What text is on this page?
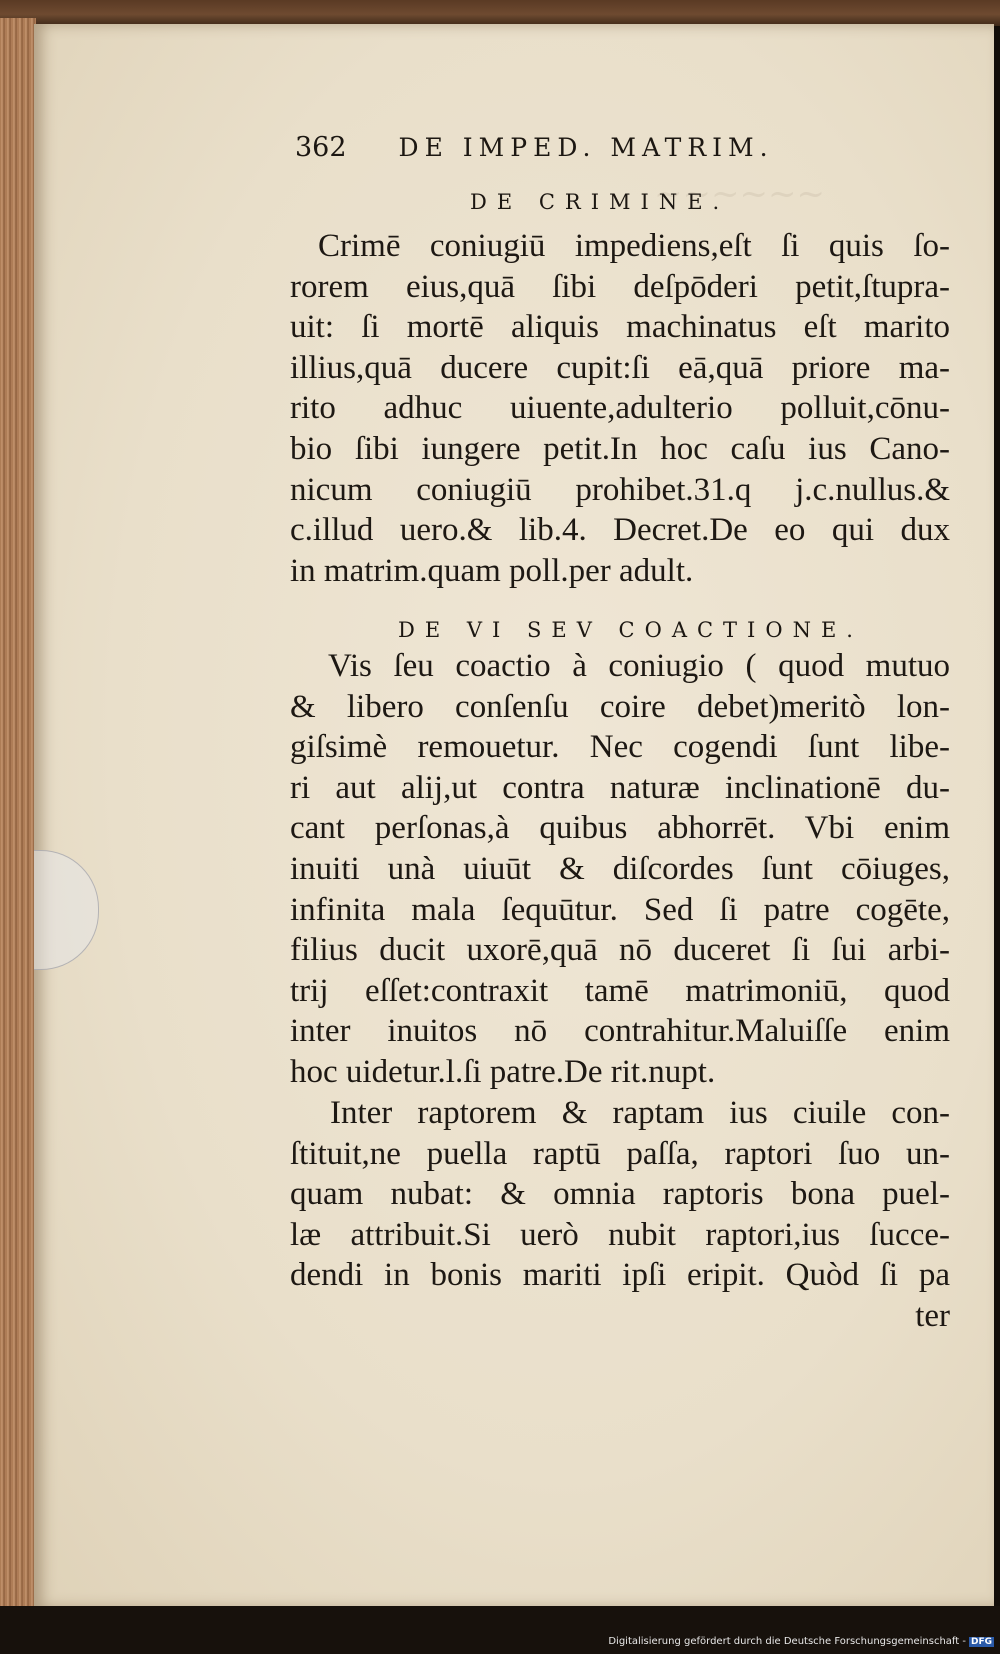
~~~~~~
362 DE IMPED. MATRIM.
DE CRIMINE.
Crimē coniugiū impediens,eſt ſi quis ſo-
rorem eius,quā ſibi deſpōderi petit,ſtupra-
uit: ſi mortē aliquis machinatus eſt marito
illius,quā ducere cupit:ſi eā,quā priore ma-
rito adhuc uiuente,adulterio polluit,cōnu-
bio ſibi iungere petit.In hoc caſu ius Cano-
nicum coniugiū prohibet.31.q j.c.nullus.&
c.illud uero.& lib.4. Decret.De eo qui dux
in matrim.quam poll.per adult.
DE VI SEV COACTIONE.
Vis ſeu coactio à coniugio ( quod mutuo
& libero conſenſu coire debet)meritò lon-
giſsimè remouetur. Nec cogendi ſunt libe-
ri aut alij,ut contra naturæ inclinationē du-
cant perſonas,à quibus abhorrēt. Vbi enim
inuiti unà uiuūt & diſcordes ſunt cōiuges,
infinita mala ſequūtur. Sed ſi patre cogēte,
filius ducit uxorē,quā nō duceret ſi ſui arbi-
trij eſſet:contraxit tamē matrimoniū, quod
inter inuitos nō contrahitur.Maluiſſe enim
hoc uidetur.l.ſi patre.De rit.nupt.
Inter raptorem & raptam ius ciuile con-
ſtituit,ne puella raptū paſſa, raptori ſuo un-
quam nubat: & omnia raptoris bona puel-
læ attribuit.Si uerò nubit raptori,ius ſucce-
dendi in bonis mariti ipſi eripit. Quòd ſi pa
ter
Digitalisierung gefördert durch die Deutsche Forschungsgemeinschaft - DFG
